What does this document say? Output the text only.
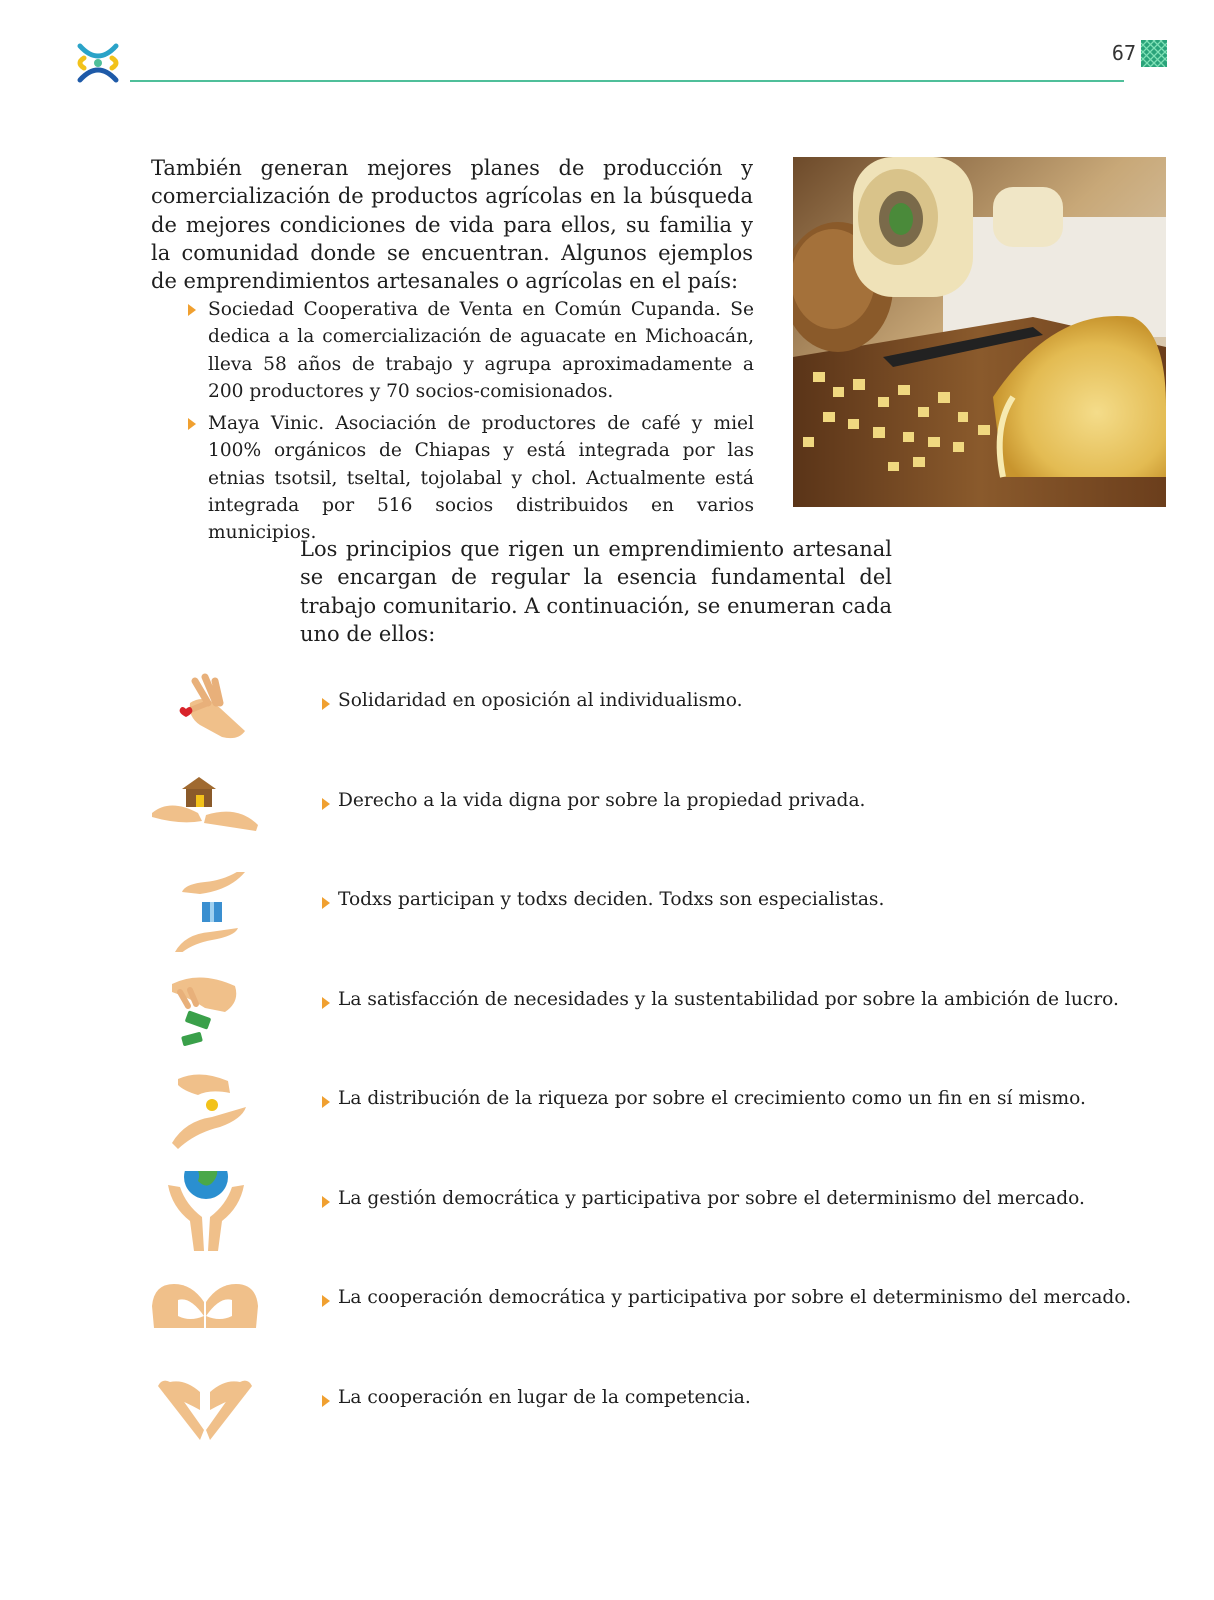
67

También generan mejores planes de producción y comercialización de productos agrícolas en la búsqueda de mejores condiciones de vida para ellos, su familia y la comunidad donde se encuentran. Algunos ejemplos de emprendimientos artesanales o agrícolas en el país:

Sociedad Cooperativa de Venta en Común Cupanda. Se dedica a la comercialización de aguacate en Michoacán, lleva 58 años de trabajo y agrupa aproximadamente a 200 productores y 70 socios-comisionados.
Maya Vinic. Asociación de productores de café y miel 100% orgánicos de Chiapas y está integrada por las etnias tsotsil, tseltal, tojolabal y chol. Actualmente está integrada por 516 socios distribuidos en varios municipios.

Los principios que rigen un emprendimiento artesanal se encargan de regular la esencia fundamental del trabajo comunitario. A continuación, se enumeran cada uno de ellos:

Solidaridad en oposición al individualismo.
Derecho a la vida digna por sobre la propiedad privada.
Todxs participan y todxs deciden. Todxs son especialistas.
La satisfacción de necesidades y la sustentabilidad por sobre la ambición de lucro.
La distribución de la riqueza por sobre el crecimiento como un fin en sí mismo.
La gestión democrática y participativa por sobre el determinismo del mercado.
La cooperación democrática y participativa por sobre el determinismo del mercado.
La cooperación en lugar de la competencia.
